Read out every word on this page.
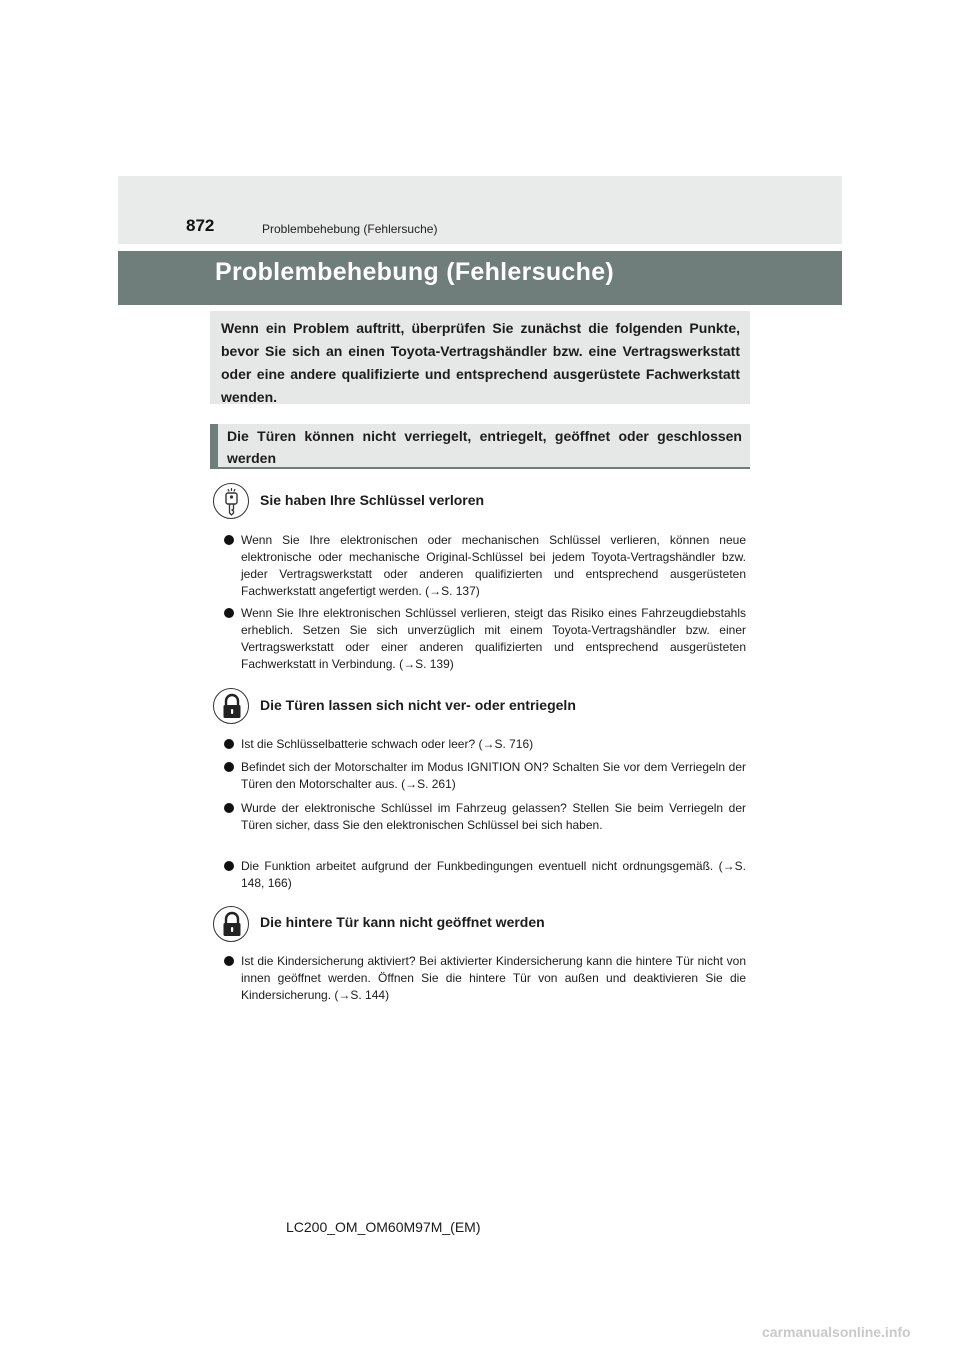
872	Problembehebung (Fehlersuche)
Problembehebung (Fehlersuche)

Wenn ein Problem auftritt, überprüfen Sie zunächst die folgenden Punkte, bevor Sie sich an einen Toyota-Vertragshändler bzw. eine Vertragswerkstatt oder eine andere qualifizierte und entsprechend ausgerüstete Fachwerkstatt wenden.

Die Türen können nicht verriegelt, entriegelt, geöffnet oder geschlossen werden

Sie haben Ihre Schlüssel verloren

Wenn Sie Ihre elektronischen oder mechanischen Schlüssel verlieren, können neue elektronische oder mechanische Original-Schlüssel bei jedem Toyota-Vertragshändler bzw. jeder Vertragswerkstatt oder anderen qualifizierten und entsprechend ausgerüsteten Fachwerkstatt angefertigt werden. (→S. 137)

Wenn Sie Ihre elektronischen Schlüssel verlieren, steigt das Risiko eines Fahrzeugdiebstahls erheblich. Setzen Sie sich unverzüglich mit einem Toyota-Vertragshändler bzw. einer Vertragswerkstatt oder einer anderen qualifizierten und entsprechend ausgerüsteten Fachwerkstatt in Verbindung. (→S. 139)

Die Türen lassen sich nicht ver- oder entriegeln

Ist die Schlüsselbatterie schwach oder leer? (→S. 716)

Befindet sich der Motorschalter im Modus IGNITION ON? Schalten Sie vor dem Verriegeln der Türen den Motorschalter aus. (→S. 261)

Wurde der elektronische Schlüssel im Fahrzeug gelassen? Stellen Sie beim Verriegeln der Türen sicher, dass Sie den elektronischen Schlüssel bei sich haben.

Die Funktion arbeitet aufgrund der Funkbedingungen eventuell nicht ordnungsgemäß. (→S. 148, 166)

Die hintere Tür kann nicht geöffnet werden

Ist die Kindersicherung aktiviert? Bei aktivierter Kindersicherung kann die hintere Tür nicht von innen geöffnet werden. Öffnen Sie die hintere Tür von außen und deaktivieren Sie die Kindersicherung. (→S. 144)

LC200_OM_OM60M97M_(EM)
carmanualsonline.info
